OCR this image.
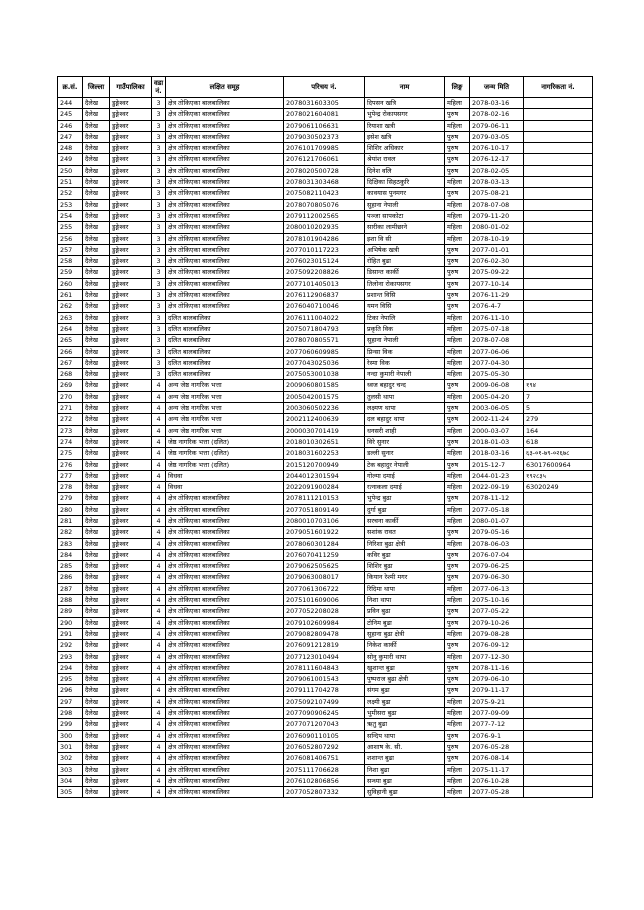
क्र.सं.	जिल्ला	गाउँपालिका	वडा नं.	लक्षित समूह	परिचय नं.	नाम	लिङ्ग	जन्म मिति	नागरिकता नं.
244	दैलेख	डुङ्गेश्वर	3	क्षेत्र तोकिएका बालबालिका	2078031603305	दिपसन खत्रि	महिला	2078-03-16	
245	दैलेख	डुङ्गेश्वर	3	क्षेत्र तोकिएका बालबालिका	2078021604081	भुपेन्द्र रोकायसगर	पुरुष	2078-02-16	
246	दैलेख	डुङ्गेश्वर	3	क्षेत्र तोकिएका बालबालिका	2079061106631	रियाशा खत्री	महिला	2079-06-11	
247	दैलेख	डुङ्गेश्वर	3	क्षेत्र तोकिएका बालबालिका	2079030502373	इसेश खत्रि	पुरुष	2079-03-05	
248	दैलेख	डुङ्गेश्वर	3	क्षेत्र तोकिएका बालबालिका	2076101709985	शिशिर अधिकार	पुरुष	2076-10-17	
249	दैलेख	डुङ्गेश्वर	3	क्षेत्र तोकिएका बालबालिका	2076121706061	श्रेयांश रावल	पुरुष	2076-12-17	
250	दैलेख	डुङ्गेश्वर	3	क्षेत्र तोकिएका बालबालिका	2078020500728	दिनेश वलि	पुरुष	2078-02-05	
251	दैलेख	डुङ्गेश्वर	3	क्षेत्र तोकिएका बालबालिका	2078031303468	दिक्षिका सिहठकुरि	महिला	2078-03-13	
252	दैलेख	डुङ्गेश्वर	3	क्षेत्र तोकिएका बालबालिका	2075082110423	कावयास पुनमगर	पुरुष	2075-08-21	
253	दैलेख	डुङ्गेश्वर	3	क्षेत्र तोकिएका बालबालिका	2078070805076	सुहाना नेपाली	महिला	2078-07-08	
254	दैलेख	डुङ्गेश्वर	3	क्षेत्र तोकिएका बालबालिका	2079112002565	पञ्जा सापकोटा	महिला	2079-11-20	
255	दैलेख	डुङ्गेश्वर	3	क्षेत्र तोकिएका बालबालिका	2080010202935	सारीका लामीछाने	महिला	2080-01-02	
256	दैलेख	डुङ्गेश्वर	3	क्षेत्र तोकिएका बालबालिका	2078101904286	इशा वि सी	महिला	2078-10-19	
257	दैलेख	डुङ्गेश्वर	3	क्षेत्र तोकिएका बालबालिका	2077010117223	अभिषेक खत्री	पुरुष	2077-01-01	
258	दैलेख	डुङ्गेश्वर	3	क्षेत्र तोकिएका बालबालिका	2076023015124	रोहित बुढा	पुरुष	2076-02-30	
259	दैलेख	डुङ्गेश्वर	3	क्षेत्र तोकिएका बालबालिका	2075092208826	डिसान्त कार्की	पुरुष	2075-09-22	
260	दैलेख	डुङ्गेश्वर	3	क्षेत्र तोकिएका बालबालिका	2077101405013	तिलोना रोकायसगर	पुरुष	2077-10-14	
261	दैलेख	डुङ्गेश्वर	3	क्षेत्र तोकिएका बालबालिका	2076112906837	प्रशान्त विसि	पुरुष	2076-11-29	
262	दैलेख	डुङ्गेश्वर	3	क्षेत्र तोकिएका बालबालिका	2076040710046	यमन विसि	पुरुष	2076-4-7	
263	दैलेख	डुङ्गेश्वर	3	दलित बालबालिका	2076111004022	टिका नेपालि	महिला	2076-11-10	
264	दैलेख	डुङ्गेश्वर	3	दलित बालबालिका	2075071804793	प्रकृति विक	महिला	2075-07-18	
265	दैलेख	डुङ्गेश्वर	3	दलित बालबालिका	2078070805571	सुहाना नेपाली	महिला	2078-07-08	
266	दैलेख	डुङ्गेश्वर	3	दलित बालबालिका	2077060609985	प्रिन्सा विक	महिला	2077-06-06	
267	दैलेख	डुङ्गेश्वर	3	दलित बालबालिका	2077043025036	रेस्मा विक	महिला	2077-04-30	
268	दैलेख	डुङ्गेश्वर	3	दलित बालबालिका	2075053001038	नन्दा कुमारी नेपाली	महिला	2075-05-30	
269	दैलेख	डुङ्गेश्वर	4	अन्य जेष्ठ नागरिक भत्ता	2009060801585	ध्वज बहादुर चन्द	पुरुष	2009-06-08	१९४
270	दैलेख	डुङ्गेश्वर	4	अन्य जेष्ठ नागरिक भत्ता	2005042001575	तुलसी थापा	महिला	2005-04-20	7
271	दैलेख	डुङ्गेश्वर	4	अन्य जेष्ठ नागरिक भत्ता	2003060502236	लक्ष्मण थापा	पुरुष	2003-06-05	5
272	दैलेख	डुङ्गेश्वर	4	अन्य जेष्ठ नागरिक भत्ता	2002112400639	दल बहादुर थापा	पुरुष	2002-11-24	279
273	दैलेख	डुङ्गेश्वर	4	अन्य जेष्ठ नागरिक भत्ता	2000030701419	धनसरी शाही	महिला	2000-03-07	164
274	दैलेख	डुङ्गेश्वर	4	जेष्ठ नागरिक भत्ता (दलित)	2018010302651	विरे सुनार	पुरुष	2018-01-03	618
275	दैलेख	डुङ्गेश्वर	4	जेष्ठ नागरिक भत्ता (दलित)	2018031602253	डल्ली सुनार	महिला	2018-03-16	६३-०१-७९-०२६७८
276	दैलेख	डुङ्गेश्वर	4	जेष्ठ नागरिक भत्ता (दलित)	2015120700949	टेक बहादुर नेपाली	पुरुष	2015-12-7	63017600964
277	दैलेख	डुङ्गेश्वर	4	विधवा	2044012301594	गोल्मा दमाई	महिला	2044-01-23	१९२८३५
278	दैलेख	डुङ्गेश्वर	4	विधवा	2022091900284	रत्नाकला दमाई	महिला	2022-09-19	63020249
279	दैलेख	डुङ्गेश्वर	4	क्षेत्र तोकिएका बालबालिका	2078111210153	भुपेन्द्र बुढा	पुरुष	2078-11-12	
280	दैलेख	डुङ्गेश्वर	4	क्षेत्र तोकिएका बालबालिका	2077051809149	दुर्गा बुढा	महिला	2077-05-18	
281	दैलेख	डुङ्गेश्वर	4	क्षेत्र तोकिएका बालबालिका	2080010703106	सरचना कार्की	महिला	2080-01-07	
282	दैलेख	डुङ्गेश्वर	4	क्षेत्र तोकिएका बालबालिका	2079051601922	सशांक रावत	पुरुष	2079-05-16	
283	दैलेख	डुङ्गेश्वर	4	क्षेत्र तोकिएका बालबालिका	2078060301284	निरिशा बुढा क्षेत्री	महिला	2078-06-03	
284	दैलेख	डुङ्गेश्वर	4	क्षेत्र तोकिएका बालबालिका	2076070411259	कविर बुढा	पुरुष	2076-07-04	
285	दैलेख	डुङ्गेश्वर	4	क्षेत्र तोकिएका बालबालिका	2079062505625	शिशिर बुढा	पुरुष	2079-06-25	
286	दैलेख	डुङ्गेश्वर	4	क्षेत्र तोकिएका बालबालिका	2079063008017	कियान रेश्मी मगर	पुरुष	2079-06-30	
287	दैलेख	डुङ्गेश्वर	4	क्षेत्र तोकिएका बालबालिका	2077061306722	रिदिमा थापा	महिला	2077-06-13	
288	दैलेख	डुङ्गेश्वर	4	क्षेत्र तोकिएका बालबालिका	2075101609006	निशा थापा	महिला	2075-10-16	
289	दैलेख	डुङ्गेश्वर	4	क्षेत्र तोकिएका बालबालिका	2077052208028	प्रविन बुढा	पुरुष	2077-05-22	
290	दैलेख	डुङ्गेश्वर	4	क्षेत्र तोकिएका बालबालिका	2079102609984	टोनिम बुढा	पुरुष	2079-10-26	
291	दैलेख	डुङ्गेश्वर	4	क्षेत्र तोकिएका बालबालिका	2079082809478	सुहाना बुढा क्षेत्री	महिला	2079-08-28	
292	दैलेख	डुङ्गेश्वर	4	क्षेत्र तोकिएका बालबालिका	2076091212819	निकेश कार्की	पुरुष	2076-09-12	
293	दैलेख	डुङ्गेश्वर	4	क्षेत्र तोकिएका बालबालिका	2077123010494	सोनु कुमारी थापा	महिला	2077-12-30	
294	दैलेख	डुङ्गेश्वर	4	क्षेत्र तोकिएका बालबालिका	2078111604843	खुशान्त बुढा	पुरुष	2078-11-16	
295	दैलेख	डुङ्गेश्वर	4	क्षेत्र तोकिएका बालबालिका	2079061001543	पुष्पराज बुढा क्षेत्री	पुरुष	2079-06-10	
296	दैलेख	डुङ्गेश्वर	4	क्षेत्र तोकिएका बालबालिका	2079111704278	संगम बुढा	पुरुष	2079-11-17	
297	दैलेख	डुङ्गेश्वर	4	क्षेत्र तोकिएका बालबालिका	2075092107499	लक्ष्मी बुढा	महिला	2075-9-21	
298	दैलेख	डुङ्गेश्वर	4	क्षेत्र तोकिएका बालबालिका	2077090906245	भुमीसरा बुढा	महिला	2077-09-09	
299	दैलेख	डुङ्गेश्वर	4	क्षेत्र तोकिएका बालबालिका	2077071207043	ऋतु बुढा	महिला	2077-7-12	
300	दैलेख	डुङ्गेश्वर	4	क्षेत्र तोकिएका बालबालिका	2076090110105	सन्दिप थापा	पुरुष	2076-9-1	
301	दैलेख	डुङ्गेश्वर	4	क्षेत्र तोकिएका बालबालिका	2076052807292	आशाष के. सी.	पुरुष	2076-05-28	
302	दैलेख	डुङ्गेश्वर	4	क्षेत्र तोकिएका बालबालिका	2076081406751	शशान्त बुढा	पुरुष	2076-08-14	
303	दैलेख	डुङ्गेश्वर	4	क्षेत्र तोकिएका बालबालिका	2075111706628	निशा बुढा	महिला	2075-11-17	
304	दैलेख	डुङ्गेश्वर	4	क्षेत्र तोकिएका बालबालिका	2076102806856	सन्ध्या बुढा	महिला	2076-10-28	
305	दैलेख	डुङ्गेश्वर	4	क्षेत्र तोकिएका बालबालिका	2077052807332	सुविहानी बुढा	महिला	2077-05-28	
